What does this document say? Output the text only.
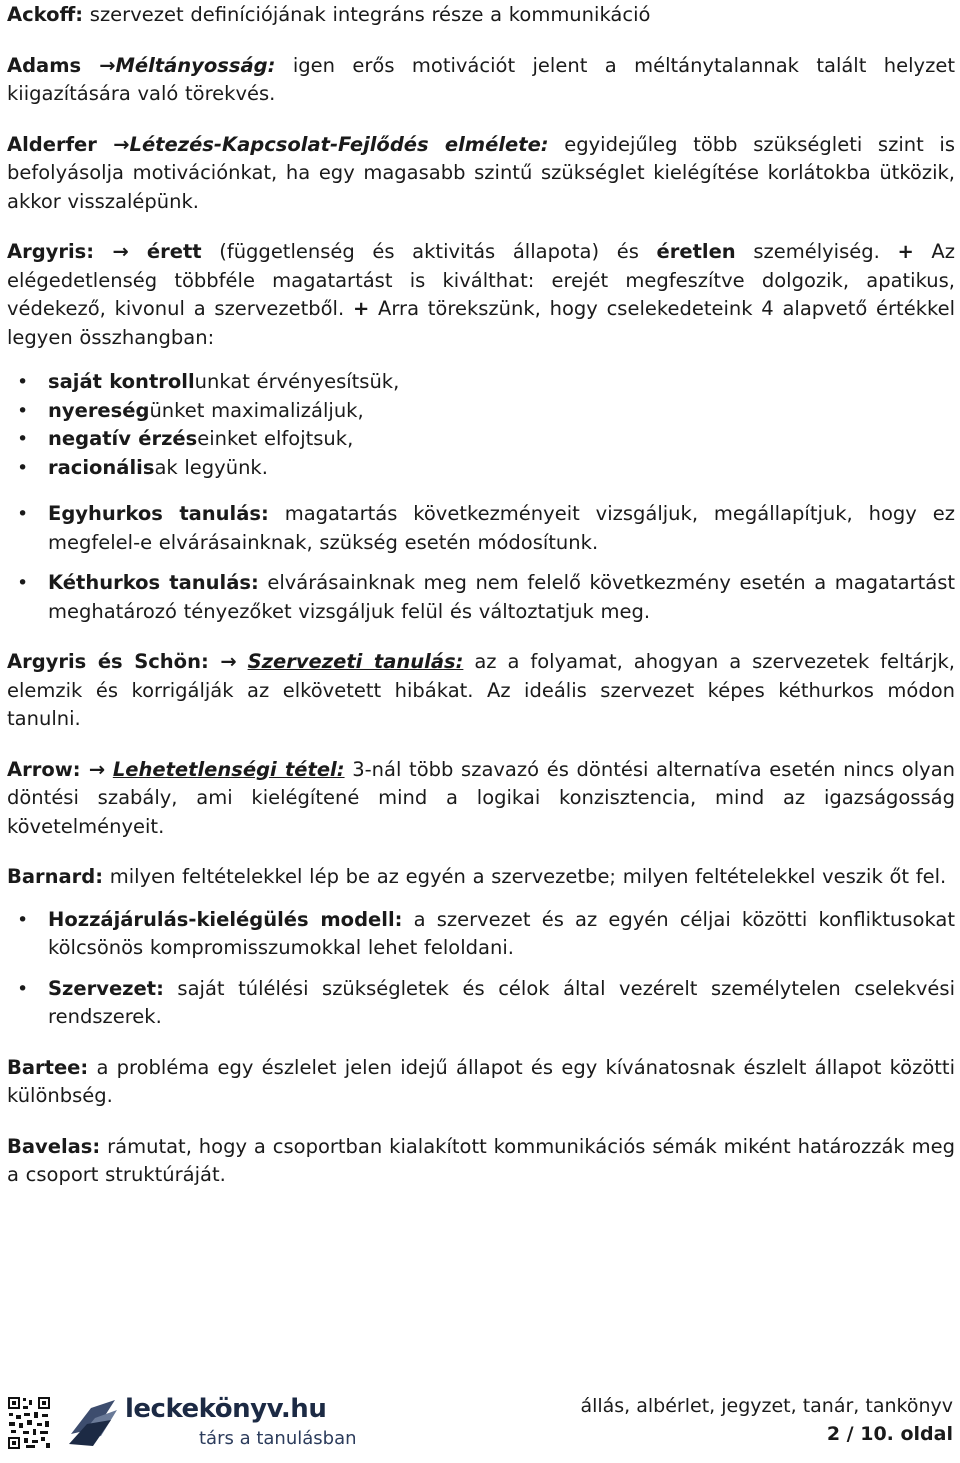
Ackoff: szervezet definíciójának integráns része a kommunikáció

Adams →Méltányosság: igen erős motivációt jelent a méltánytalannak talált helyzet kiigazítására való törekvés.

Alderfer →Létezés-Kapcsolat-Fejlődés elmélete: egyidejűleg több szükségleti szint is befolyásolja motivációnkat, ha egy magasabb szintű szükséglet kielégítése korlátokba ütközik, akkor visszalépünk.

Argyris: → érett (függetlenség és aktivitás állapota) és éretlen személyiség. + Az elégedetlenség többféle magatartást is kiválthat: erejét megfeszítve dolgozik, apatikus, védekező, kivonul a szervezetből. + Arra törekszünk, hogy cselekedeteink 4 alapvető értékkel legyen összhangban:

• saját kontrollunkat érvényesítsük,
• nyereségünket maximalizáljuk,
• negatív érzéseinket elfojtsuk,
• racionálisak legyünk.
• Egyhurkos tanulás: magatartás következményeit vizsgáljuk, megállapítjuk, hogy ez megfelel-e elvárásainknak, szükség esetén módosítunk.
• Kéthurkos tanulás: elvárásainknak meg nem felelő következmény esetén a magatartást meghatározó tényezőket vizsgáljuk felül és változtatjuk meg.

Argyris és Schön: → Szervezeti tanulás: az a folyamat, ahogyan a szervezetek feltárjk, elemzik és korrigálják az elkövetett hibákat. Az ideális szervezet képes kéthurkos módon tanulni.

Arrow: → Lehetetlenségi tétel: 3-nál több szavazó és döntési alternatíva esetén nincs olyan döntési szabály, ami kielégítené mind a logikai konzisztencia, mind az igazságosság követelményeit.

Barnard: milyen feltételekkel lép be az egyén a szervezetbe; milyen feltételekkel veszik őt fel.

• Hozzájárulás-kielégülés modell: a szervezet és az egyén céljai közötti konfliktusokat kölcsönös kompromisszumokkal lehet feloldani.
• Szervezet: saját túlélési szükségletek és célok által vezérelt személytelen cselekvési rendszerek.

Bartee: a probléma egy észlelet jelen idejű állapot és egy kívánatosnak észlelt állapot közötti különbség.

Bavelas: rámutat, hogy a csoportban kialakított kommunikációs sémák miként határozzák meg a csoport struktúráját.

leckekönyv.hu
társ a tanulásban
állás, albérlet, jegyzet, tanár, tankönyv
2 / 10. oldal
